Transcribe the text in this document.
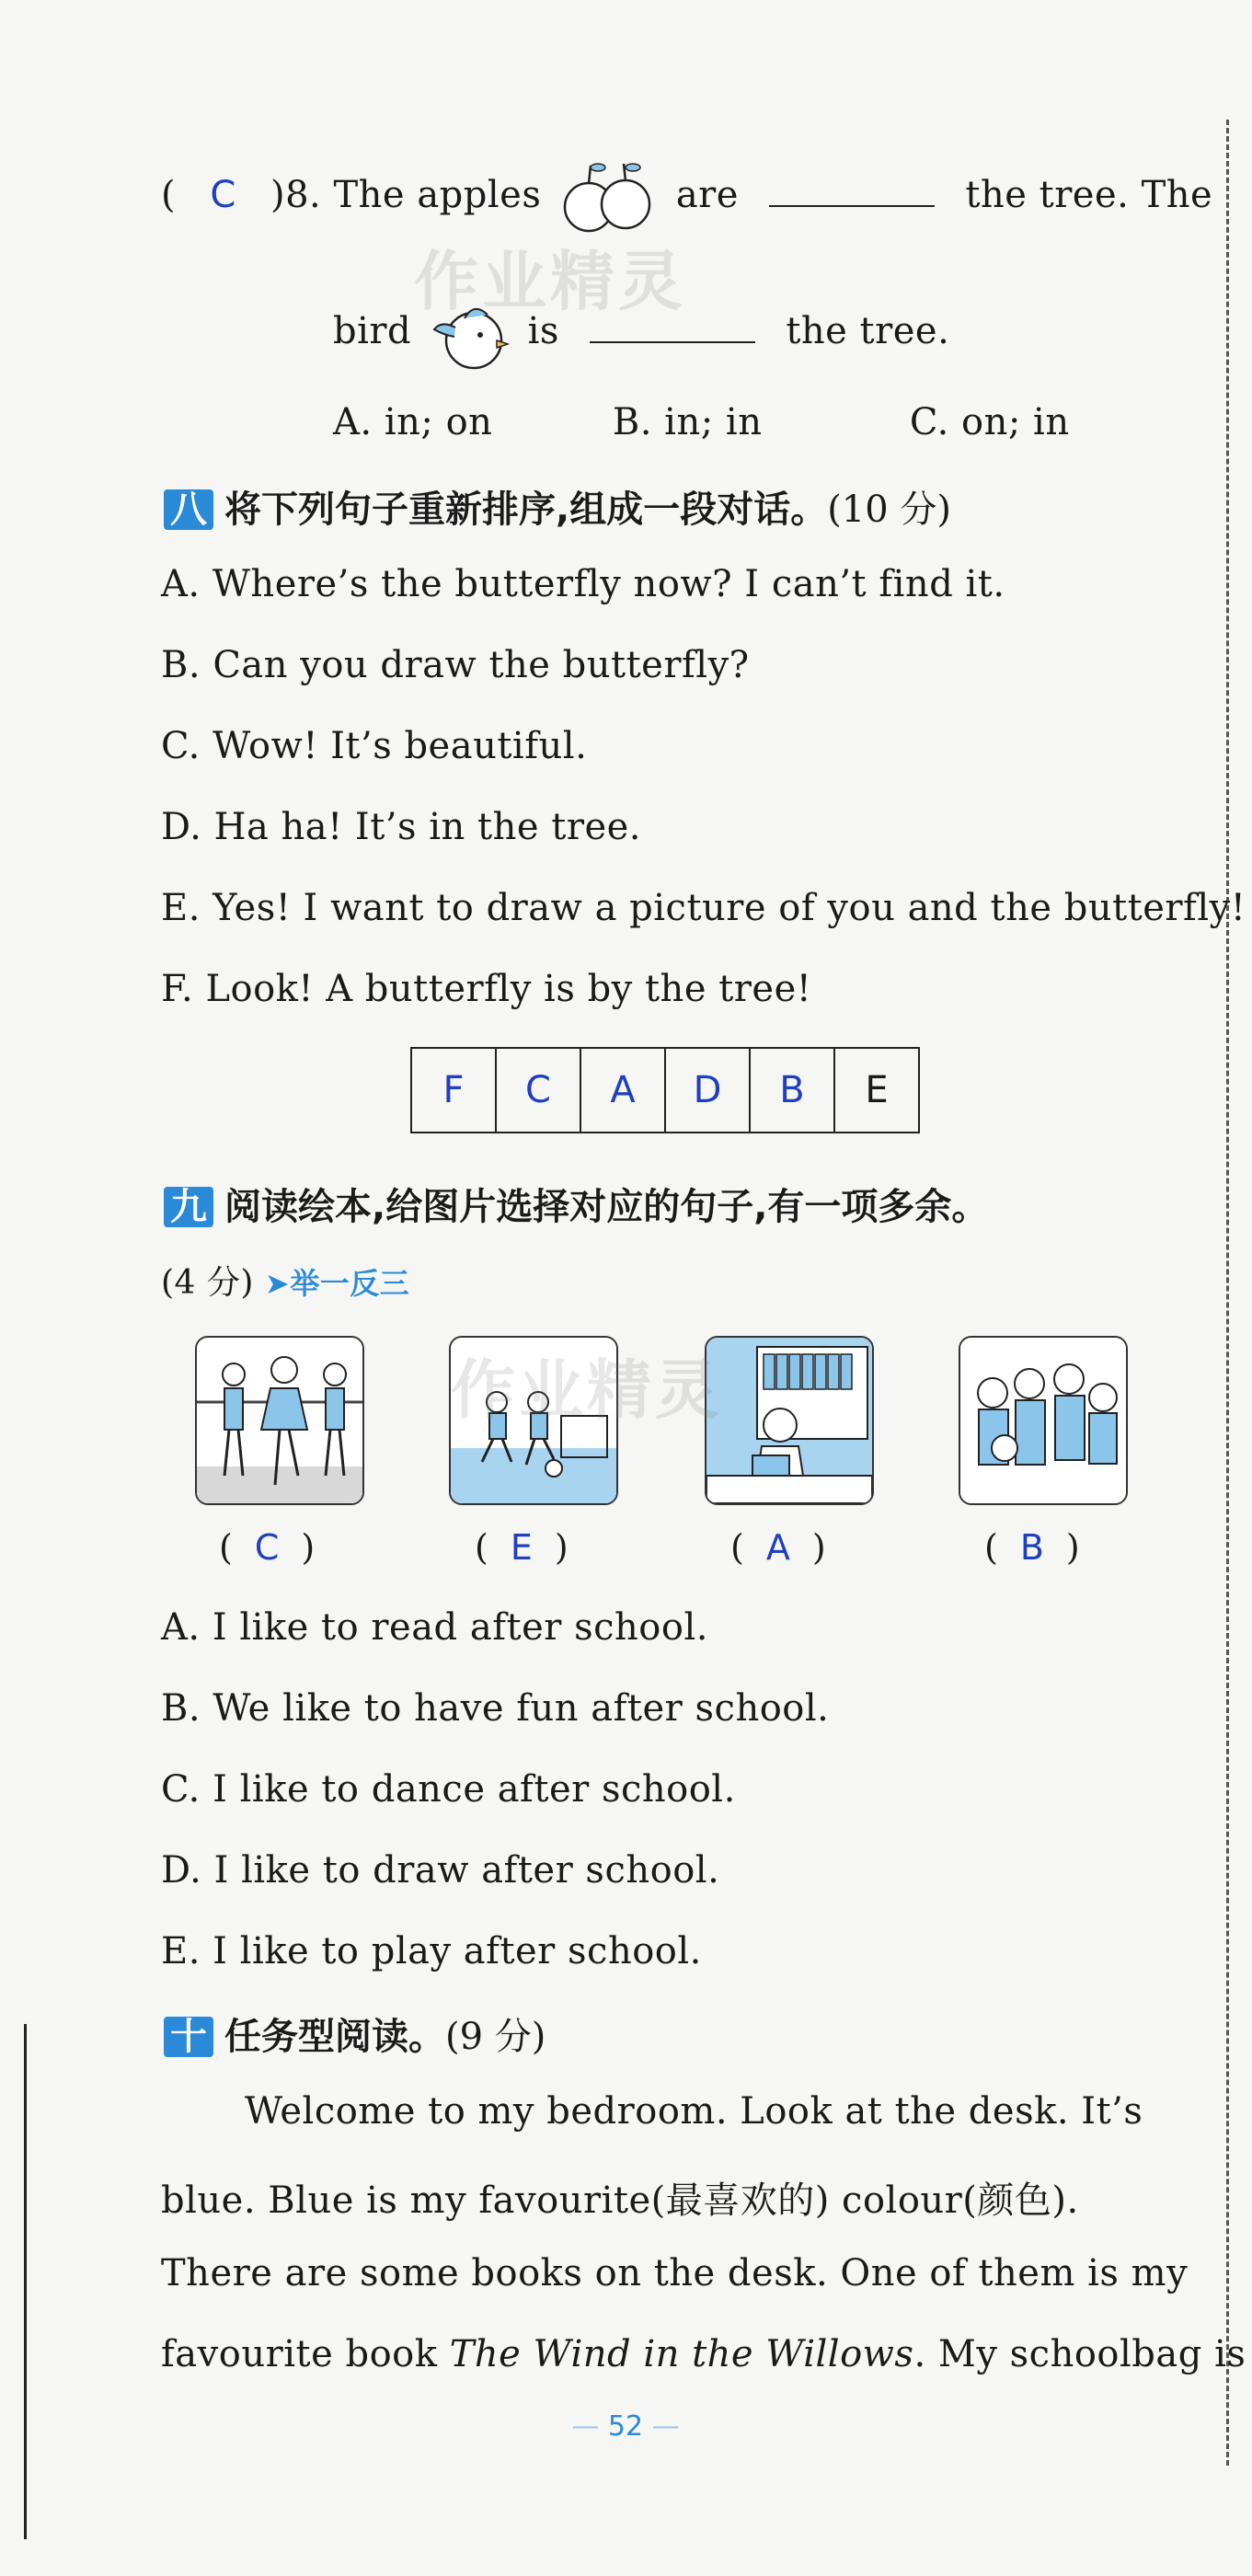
( C )8. The apples	are	the tree. The
bird	is	the tree.
作业精灵
A. in; on	B. in; in	C. on; in
八 将下列句子重新排序,组成一段对话。(10 分)
A. Where’s the butterfly now? I can’t find it.
B. Can you draw the butterfly?
C. Wow! It’s beautiful.
D. Ha ha! It’s in the tree.
E. Yes! I want to draw a picture of you and the butterfly!
F. Look! A butterfly is by the tree!
F	C	A	D	B	E
九 阅读绘本,给图片选择对应的句子,有一项多余。
(4 分) ➤举一反三
作业精灵
( C )	( E )	( A )	( B )
A. I like to read after school.
B. We like to have fun after school.
C. I like to dance after school.
D. I like to draw after school.
E. I like to play after school.
十 任务型阅读。(9 分)
Welcome to my bedroom. Look at the desk. It’s
blue. Blue is my favourite(最喜欢的) colour(颜色).
There are some books on the desk. One of them is my
favourite book The Wind in the Willows. My schoolbag is
— 52 —
